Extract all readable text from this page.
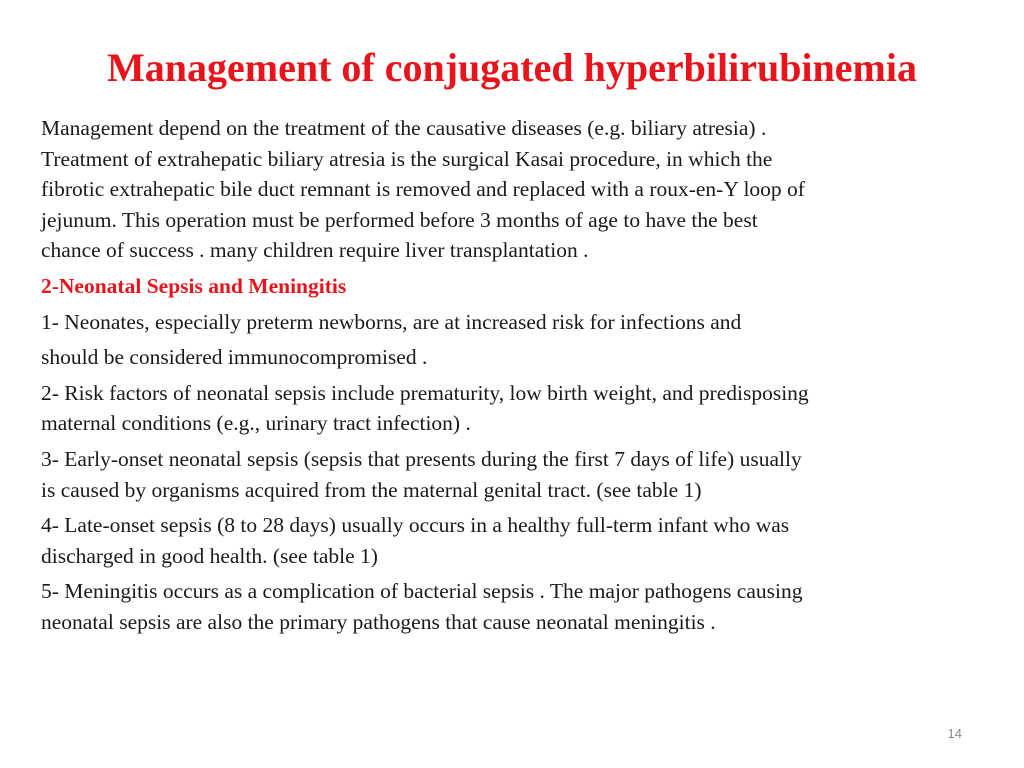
Management of conjugated hyperbilirubinemia

Management depend on the treatment of the causative diseases (e.g. biliary atresia) .

Treatment of extrahepatic biliary atresia is the surgical Kasai procedure, in which the

fibrotic extrahepatic bile duct remnant is removed and replaced with a roux-en-Y loop of

jejunum. This operation must be performed before 3 months of age to have the best

chance of success . many children require liver transplantation .

2-Neonatal Sepsis and Meningitis

1- Neonates, especially preterm newborns, are at increased risk for infections and

should be considered immunocompromised .

2- Risk factors of neonatal sepsis include prematurity, low birth weight, and predisposing

maternal conditions (e.g., urinary tract infection) .

3- Early-onset neonatal sepsis (sepsis that presents during the first 7 days of life) usually

is caused by organisms acquired from the maternal genital tract. (see table 1)

4- Late-onset sepsis (8 to 28 days) usually occurs in a healthy full-term infant who was

discharged in good health. (see table 1)

5- Meningitis occurs as a complication of bacterial sepsis . The major pathogens causing

neonatal sepsis are also the primary pathogens that cause neonatal meningitis .

14
